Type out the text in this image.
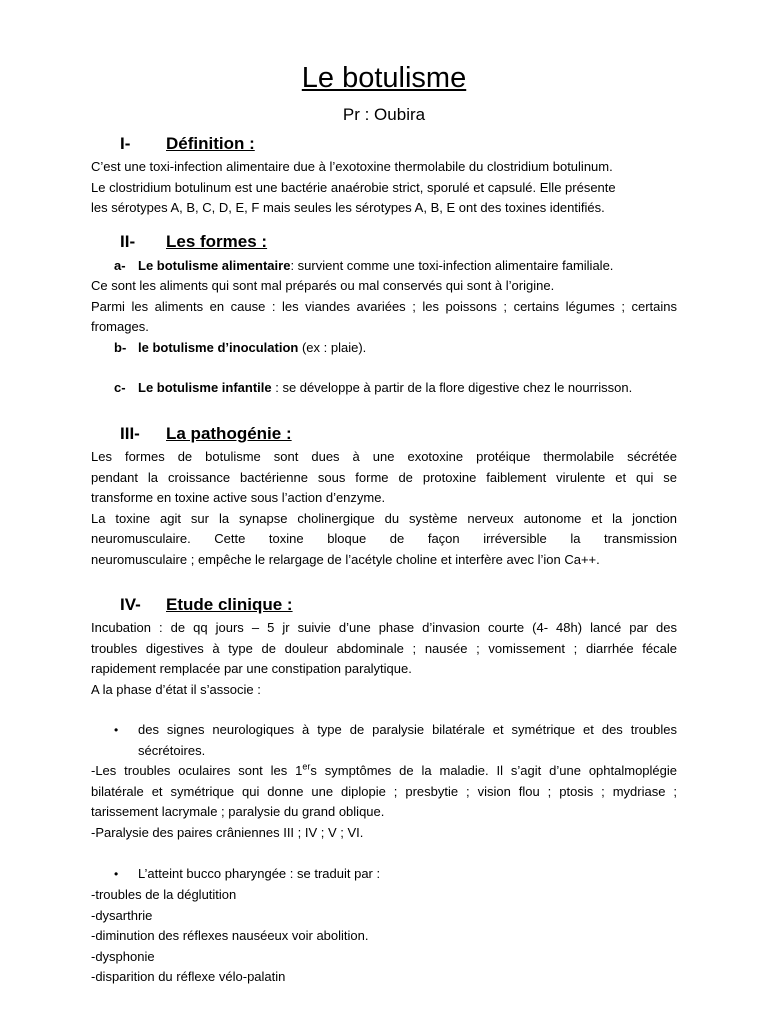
Le botulisme
Pr : Oubira
I- Définition :
C’est une toxi-infection alimentaire due à l’exotoxine thermolabile du clostridium botulinum.
Le clostridium botulinum est une bactérie anaérobie strict, sporulé et capsulé. Elle présente
les sérotypes A, B, C, D, E, F mais seules les sérotypes A, B, E ont des toxines identifiés.
II- Les formes :
a- Le botulisme alimentaire: survient comme une toxi-infection alimentaire familiale.
Ce sont les aliments qui sont mal préparés ou mal conservés qui sont à l’origine.
Parmi les aliments en cause : les viandes avariées ; les poissons ; certains légumes ; certains
fromages.
b- le botulisme d’inoculation (ex : plaie).
c- Le botulisme infantile : se développe à partir de la flore digestive chez le nourrisson.
III- La pathogénie :
Les formes de botulisme sont dues à une exotoxine protéique thermolabile sécrétée
pendant la croissance bactérienne sous forme de protoxine faiblement virulente et qui se
transforme en toxine active sous l’action d’enzyme.
La toxine agit sur la synapse cholinergique du système nerveux autonome et la jonction
neuromusculaire. Cette toxine bloque de façon irréversible la transmission
neuromusculaire ; empêche le relargage de l’acétyle choline et interfère avec l’ion Ca++.
IV- Etude clinique :
Incubation : de qq jours – 5 jr suivie d’une phase d’invasion courte (4- 48h) lancé par des
troubles digestives à type de douleur abdominale ; nausée ; vomissement ; diarrhée fécale
rapidement remplacée par une constipation paralytique.
A la phase d’état il s’associe :
• des signes neurologiques à type de paralysie bilatérale et symétrique et des troubles
sécrétoires.
-Les troubles oculaires sont les 1ers symptômes de la maladie. Il s’agit d’une ophtalmoplégie
bilatérale et symétrique qui donne une diplopie ; presbytie ; vision flou ; ptosis ; mydriase ;
tarissement lacrymale ; paralysie du grand oblique.
-Paralysie des paires crâniennes III ; IV ; V ; VI.
• L’atteint bucco pharyngée : se traduit par :
-troubles de la déglutition
-dysarthrie
-diminution des réflexes nauséeux voir abolition.
-dysphonie
-disparition du réflexe vélo-palatin
